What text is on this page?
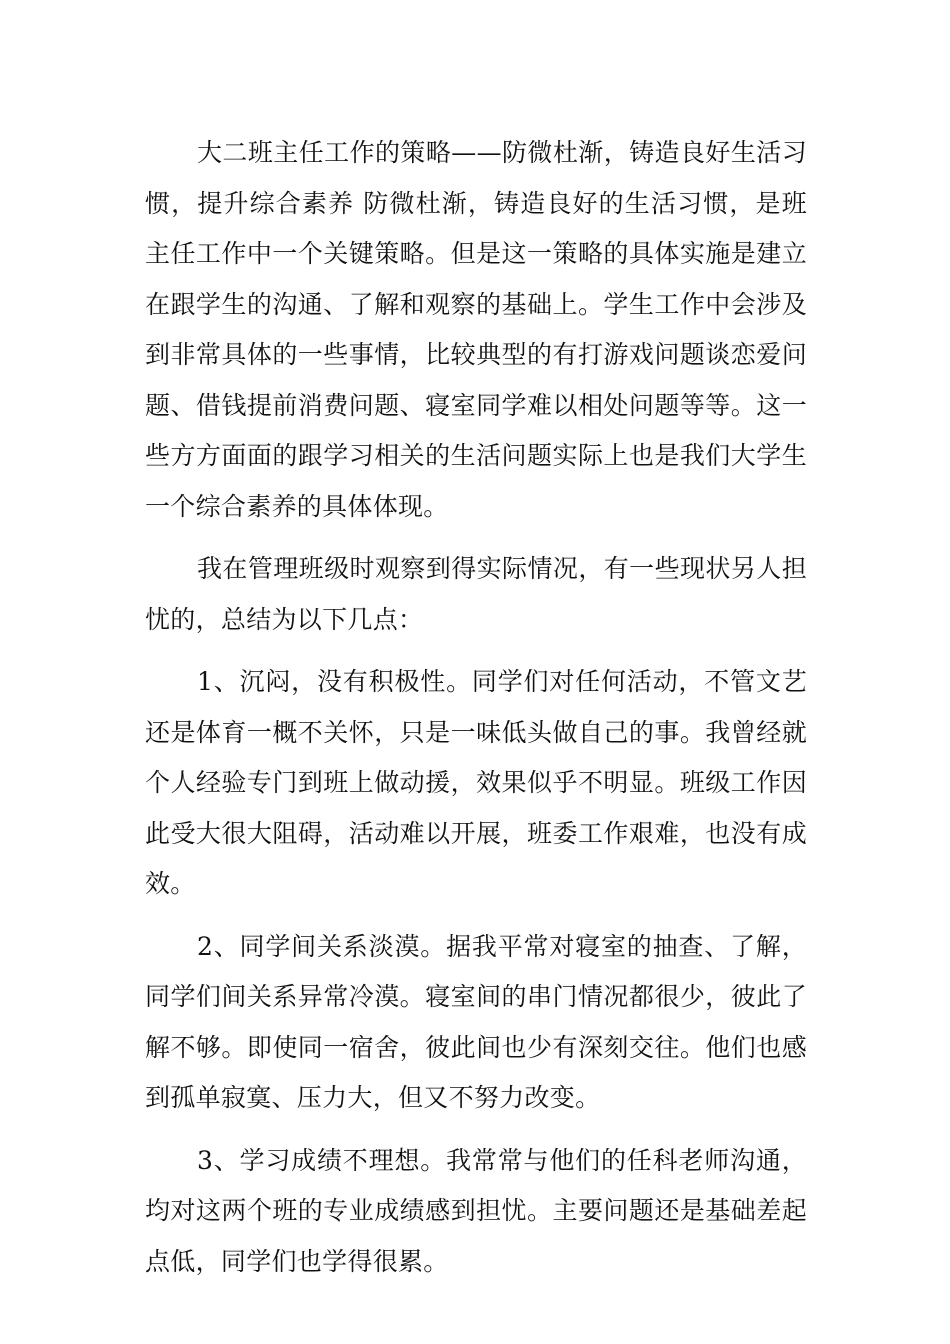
大二班主任工作的策略——防微杜渐，铸造良好生活习惯，提升综合素养 防微杜渐，铸造良好的生活习惯，是班主任工作中一个关键策略。但是这一策略的具体实施是建立在跟学生的沟通、了解和观察的基础上。学生工作中会涉及到非常具体的一些事情，比较典型的有打游戏问题谈恋爱问题、借钱提前消费问题、寝室同学难以相处问题等等。这一些方方面面的跟学习相关的生活问题实际上也是我们大学生一个综合素养的具体体现。

我在管理班级时观察到得实际情况，有一些现状另人担忧的，总结为以下几点：

1、沉闷，没有积极性。同学们对任何活动，不管文艺还是体育一概不关怀，只是一味低头做自己的事。我曾经就个人经验专门到班上做动援，效果似乎不明显。班级工作因此受大很大阻碍，活动难以开展，班委工作艰难，也没有成效。

2、同学间关系淡漠。据我平常对寝室的抽查、了解，同学们间关系异常冷漠。寝室间的串门情况都很少，彼此了解不够。即使同一宿舍，彼此间也少有深刻交往。他们也感到孤单寂寞、压力大，但又不努力改变。

3、学习成绩不理想。我常常与他们的任科老师沟通，均对这两个班的专业成绩感到担忧。主要问题还是基础差起点低，同学们也学得很累。
